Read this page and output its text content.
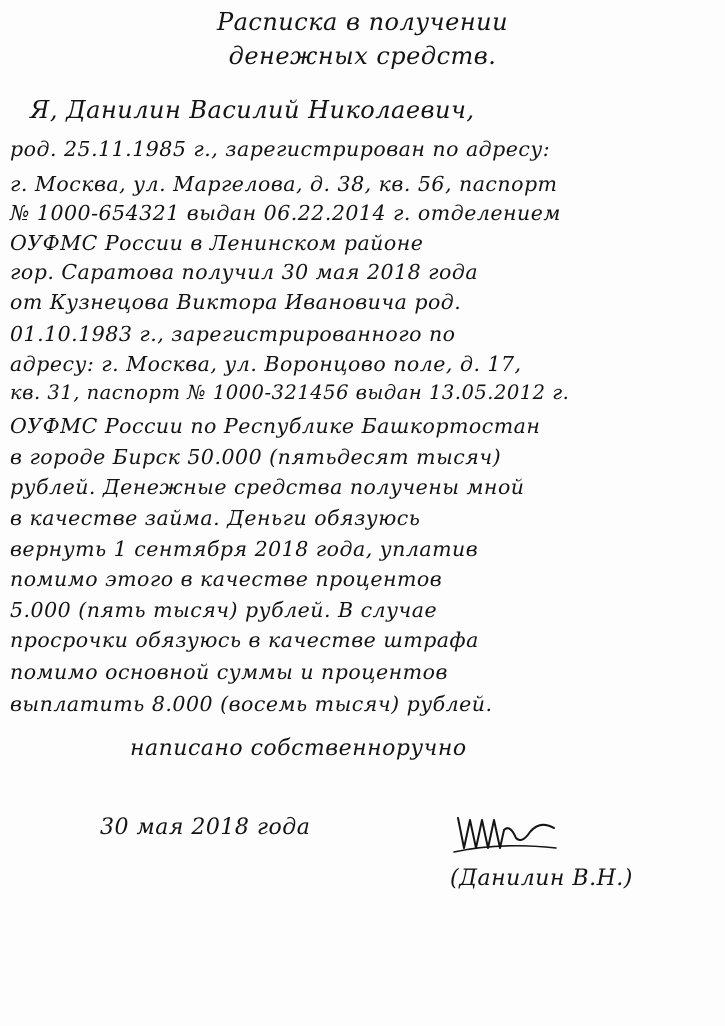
Расписка в получении
денежных средств.
Я, Данилин Василий Николаевич,
род. 25.11.1985 г., зарегистрирован по адресу:
г. Москва, ул. Маргелова, д. 38, кв. 56, паспорт
№ 1000-654321 выдан 06.22.2014 г. отделением
ОУФМС России в Ленинском районе
гор. Саратова получил 30 мая 2018 года
от Кузнецова Виктора Ивановича род.
01.10.1983 г., зарегистрированного по
адресу: г. Москва, ул. Воронцово поле, д. 17,
кв. 31, паспорт № 1000-321456 выдан 13.05.2012 г.
ОУФМС России по Республике Башкортостан
в городе Бирск 50.000 (пятьдесят тысяч)
рублей. Денежные средства получены мной
в качестве займа. Деньги обязуюсь
вернуть 1 сентября 2018 года, уплатив
помимо этого в качестве процентов
5.000 (пять тысяч) рублей. В случае
просрочки обязуюсь в качестве штрафа
помимо основной суммы и процентов
выплатить 8.000 (восемь тысяч) рублей.
написано собственноручно
30 мая 2018 года
(Данилин В.Н.)
